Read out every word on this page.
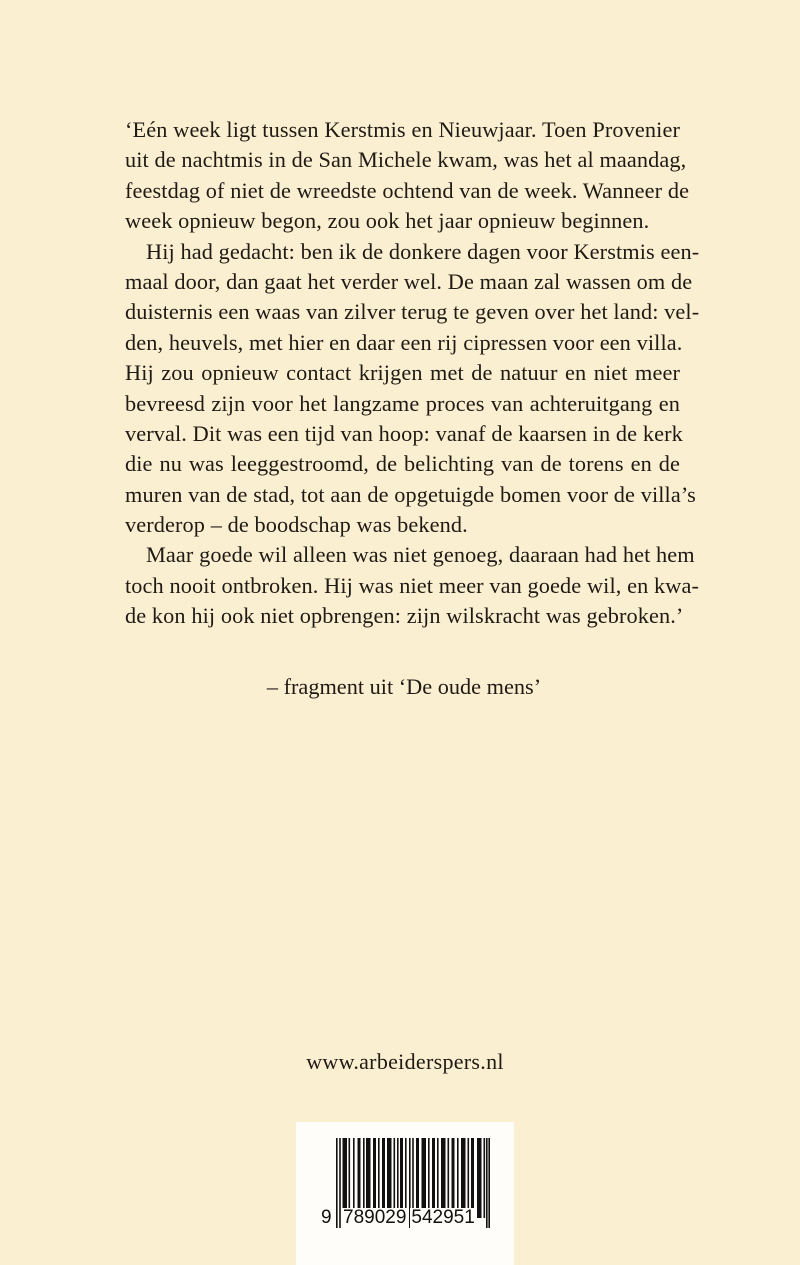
‘Eén week ligt tussen Kerstmis en Nieuwjaar. Toen Provenier
uit de nachtmis in de San Michele kwam, was het al maandag,
feestdag of niet de wreedste ochtend van de week. Wanneer de
week opnieuw begon, zou ook het jaar opnieuw beginnen.
Hij had gedacht: ben ik de donkere dagen voor Kerstmis een-
maal door, dan gaat het verder wel. De maan zal wassen om de
duisternis een waas van zilver terug te geven over het land: vel-
den, heuvels, met hier en daar een rij cipressen voor een villa.
Hij zou opnieuw contact krijgen met de natuur en niet meer
bevreesd zijn voor het langzame proces van achteruitgang en
verval. Dit was een tijd van hoop: vanaf de kaarsen in de kerk
die nu was leeggestroomd, de belichting van de torens en de
muren van de stad, tot aan de opgetuigde bomen voor de villa’s
verderop – de boodschap was bekend.
Maar goede wil alleen was niet genoeg, daaraan had het hem
toch nooit ontbroken. Hij was niet meer van goede wil, en kwa-
de kon hij ook niet opbrengen: zijn wilskracht was gebroken.’
– fragment uit ‘De oude mens’
www.arbeiderspers.nl
9 789029 542951
